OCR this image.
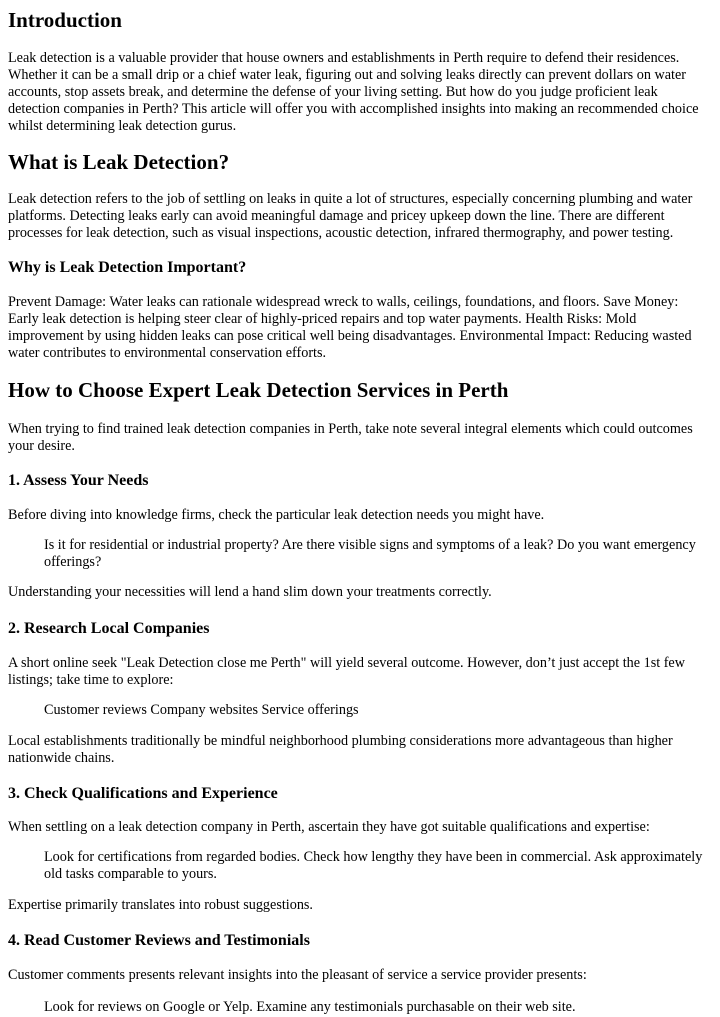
Introduction

Leak detection is a valuable provider that house owners and establishments in Perth require to defend their residences. Whether it can be a small drip or a chief water leak, figuring out and solving leaks directly can prevent dollars on water accounts, stop assets break, and determine the defense of your living setting. But how do you judge proficient leak detection companies in Perth? This article will offer you with accomplished insights into making an recommended choice whilst determining leak detection gurus.

What is Leak Detection?

Leak detection refers to the job of settling on leaks in quite a lot of structures, especially concerning plumbing and water platforms. Detecting leaks early can avoid meaningful damage and pricey upkeep down the line. There are different processes for leak detection, such as visual inspections, acoustic detection, infrared thermography, and power testing.

Why is Leak Detection Important?

Prevent Damage: Water leaks can rationale widespread wreck to walls, ceilings, foundations, and floors. Save Money: Early leak detection is helping steer clear of highly-priced repairs and top water payments. Health Risks: Mold improvement by using hidden leaks can pose critical well being disadvantages. Environmental Impact: Reducing wasted water contributes to environmental conservation efforts.

How to Choose Expert Leak Detection Services in Perth

When trying to find trained leak detection companies in Perth, take note several integral elements which could outcomes your desire.

1. Assess Your Needs

Before diving into knowledge firms, check the particular leak detection needs you might have.

Is it for residential or industrial property? Are there visible signs and symptoms of a leak? Do you want emergency offerings?

Understanding your necessities will lend a hand slim down your treatments correctly.

2. Research Local Companies

A short online seek "Leak Detection close me Perth" will yield several outcome. However, don’t just accept the 1st few listings; take time to explore:

Customer reviews Company websites Service offerings

Local establishments traditionally be mindful neighborhood plumbing considerations more advantageous than higher nationwide chains.

3. Check Qualifications and Experience

When settling on a leak detection company in Perth, ascertain they have got suitable qualifications and expertise:

Look for certifications from regarded bodies. Check how lengthy they have been in commercial. Ask approximately old tasks comparable to yours.

Expertise primarily translates into robust suggestions.

4. Read Customer Reviews and Testimonials

Customer comments presents relevant insights into the pleasant of service a service provider presents:

Look for reviews on Google or Yelp. Examine any testimonials purchasable on their web site.
